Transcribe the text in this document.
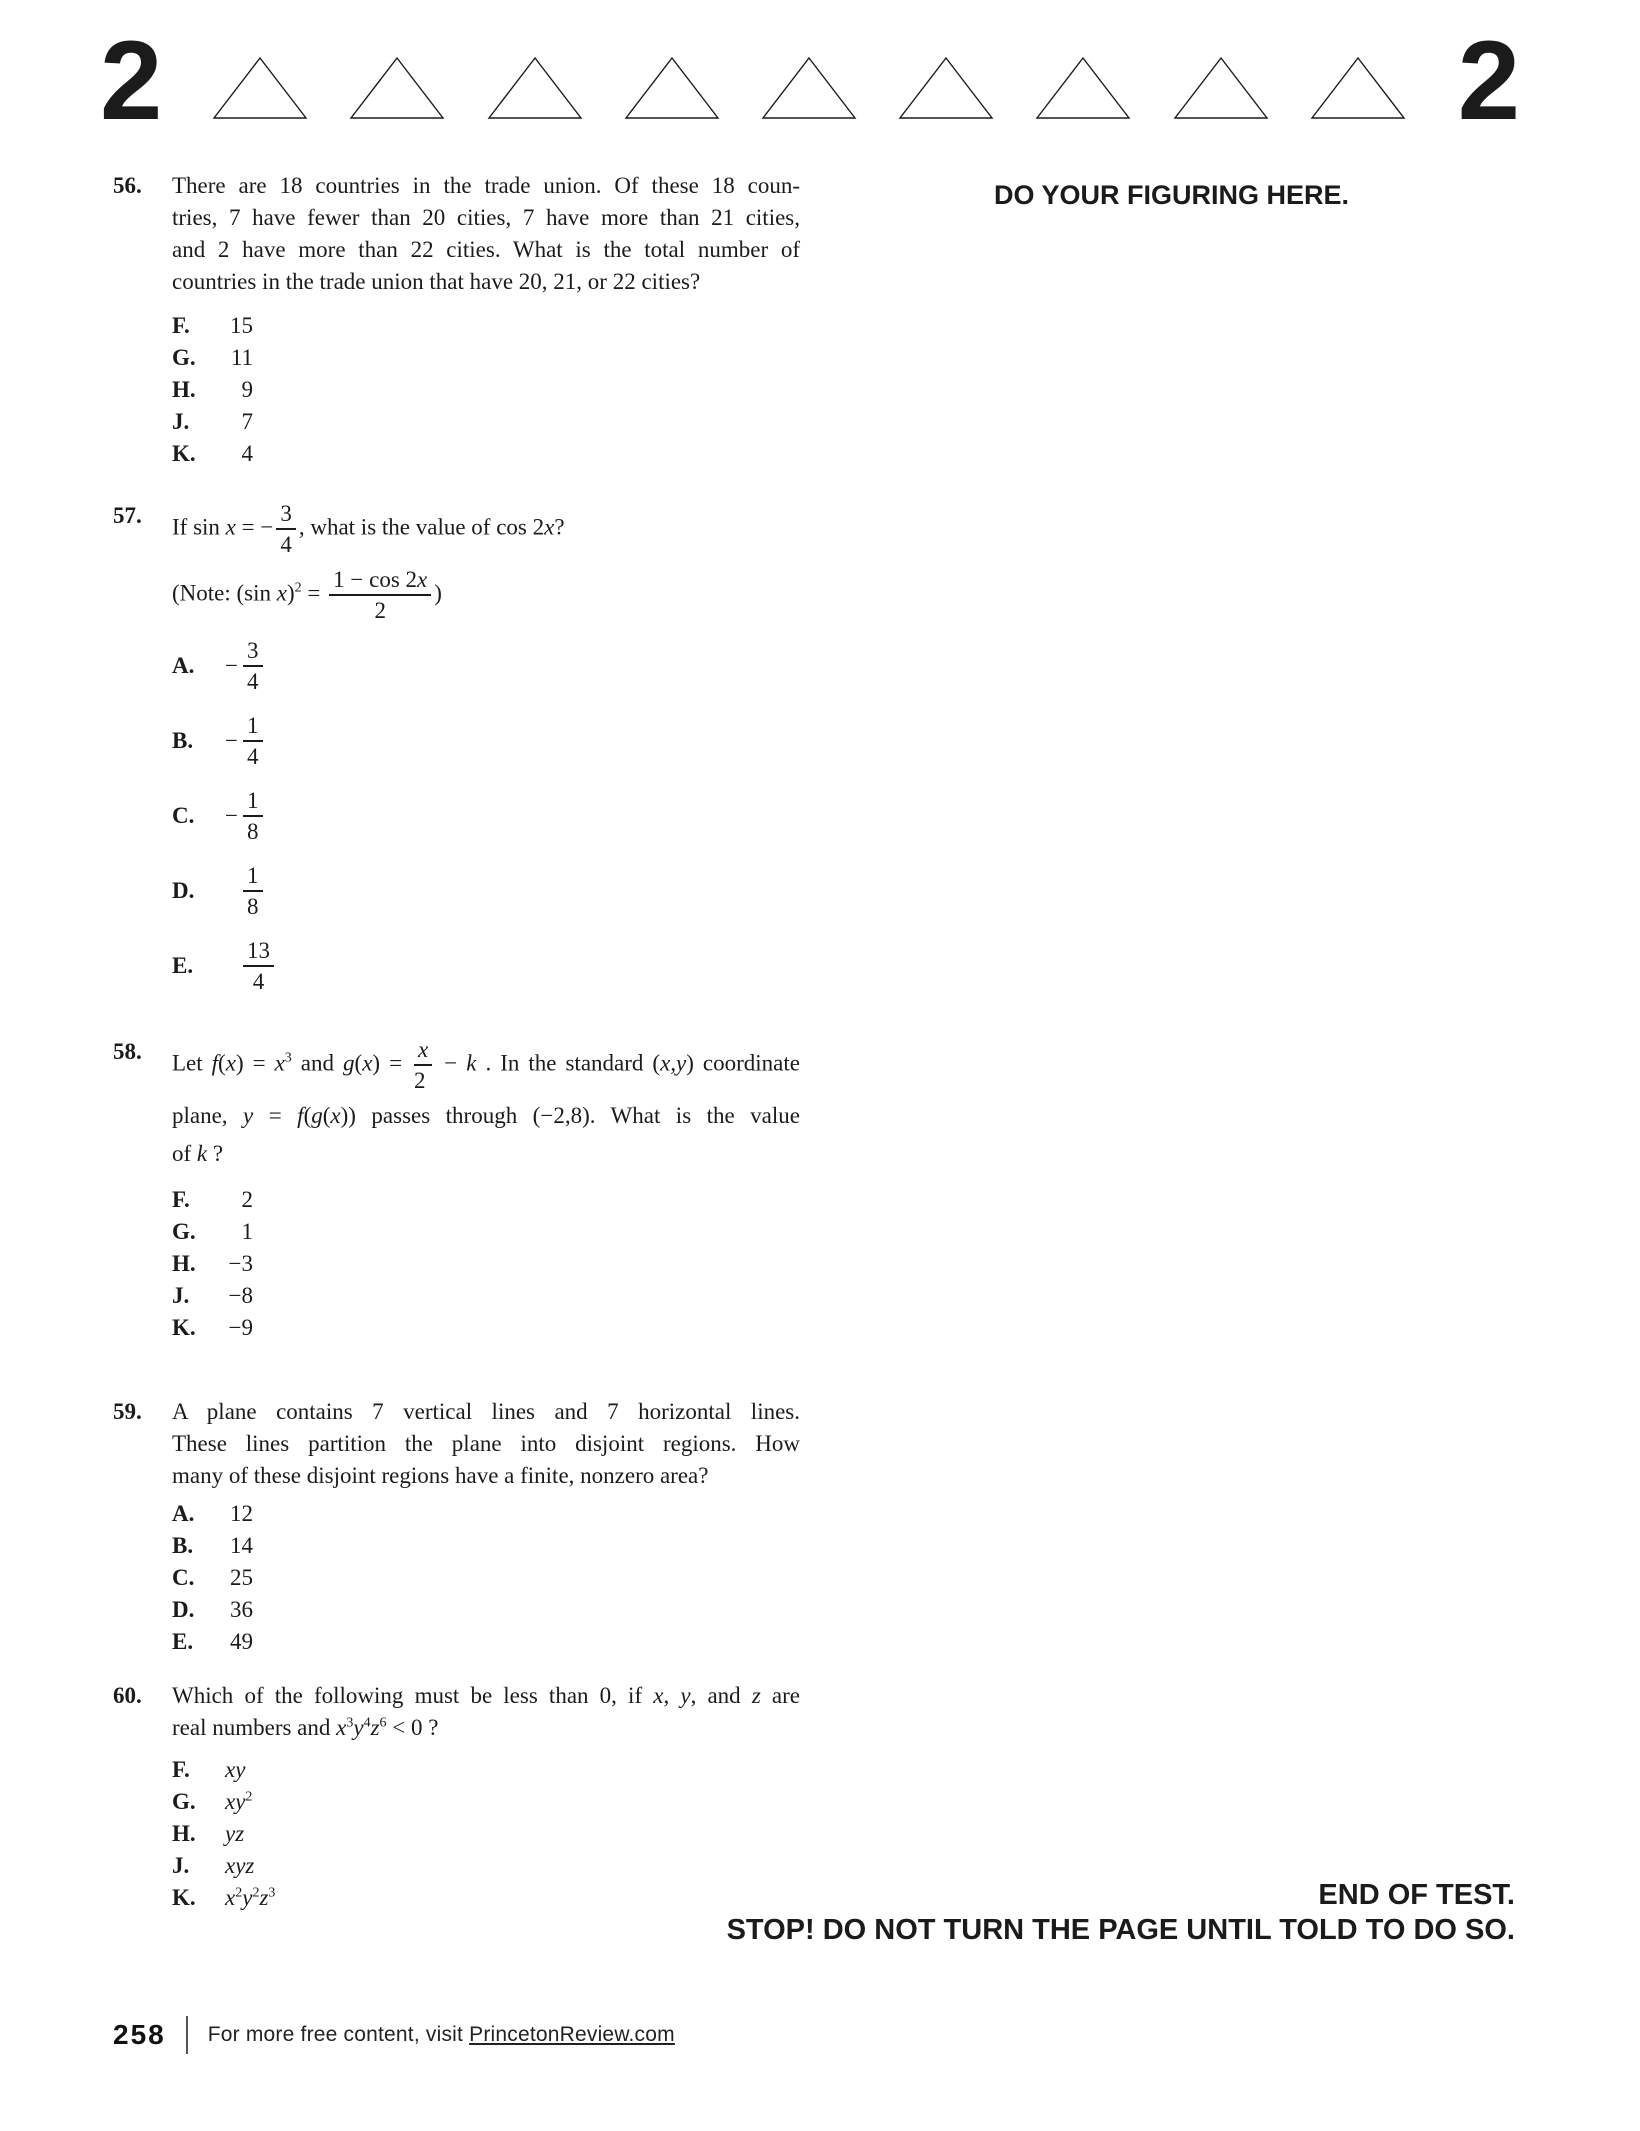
2	2
DO YOUR FIGURING HERE.
56.	There are 18 countries in the trade union. Of these 18 coun-
tries, 7 have fewer than 20 cities, 7 have more than 21 cities,
and 2 have more than 22 cities. What is the total number of
countries in the trade union that have 20, 21, or 22 cities?
F.	15
G.	11
H.	9
J.	7
K.	4
57.	If sin x = − $\frac{3}{4}$ , what is the value of cos 2x?
(Note: (sin $x)^2 = \frac{1 - \cos 2x}{2}$ )
A.	− $\frac{3}{4}$
B.	− $\frac{1}{4}$
C.	− $\frac{1}{8}$
D.	$\frac{1}{8}$
E.	$\frac{13}{4}$
58.	Let $f(x) = x^3$ and $g(x) = \frac{x}{2} - k$ . In the standard (x,y) coordinate
plane, y = f(g(x)) passes through (−2,8). What is the value
of k ?
F.	2
G.	1
H.	−3
J.	−8
K.	−9
59.	A plane contains 7 vertical lines and 7 horizontal lines.
These lines partition the plane into disjoint regions. How
many of these disjoint regions have a finite, nonzero area?
A.	12
B.	14
C.	25
D.	36
E.	49
60.	Which of the following must be less than 0, if x, y, and z are
real numbers and $x^3y^4z^6 < 0$ ?
F.	xy
G.	$xy^2$
H.	yz
J.	xyz
K.	$x^2y^2z^3$	END OF TEST.
STOP! DO NOT TURN THE PAGE UNTIL TOLD TO DO SO.
258 For more free content, visit PrincetonReview.com
